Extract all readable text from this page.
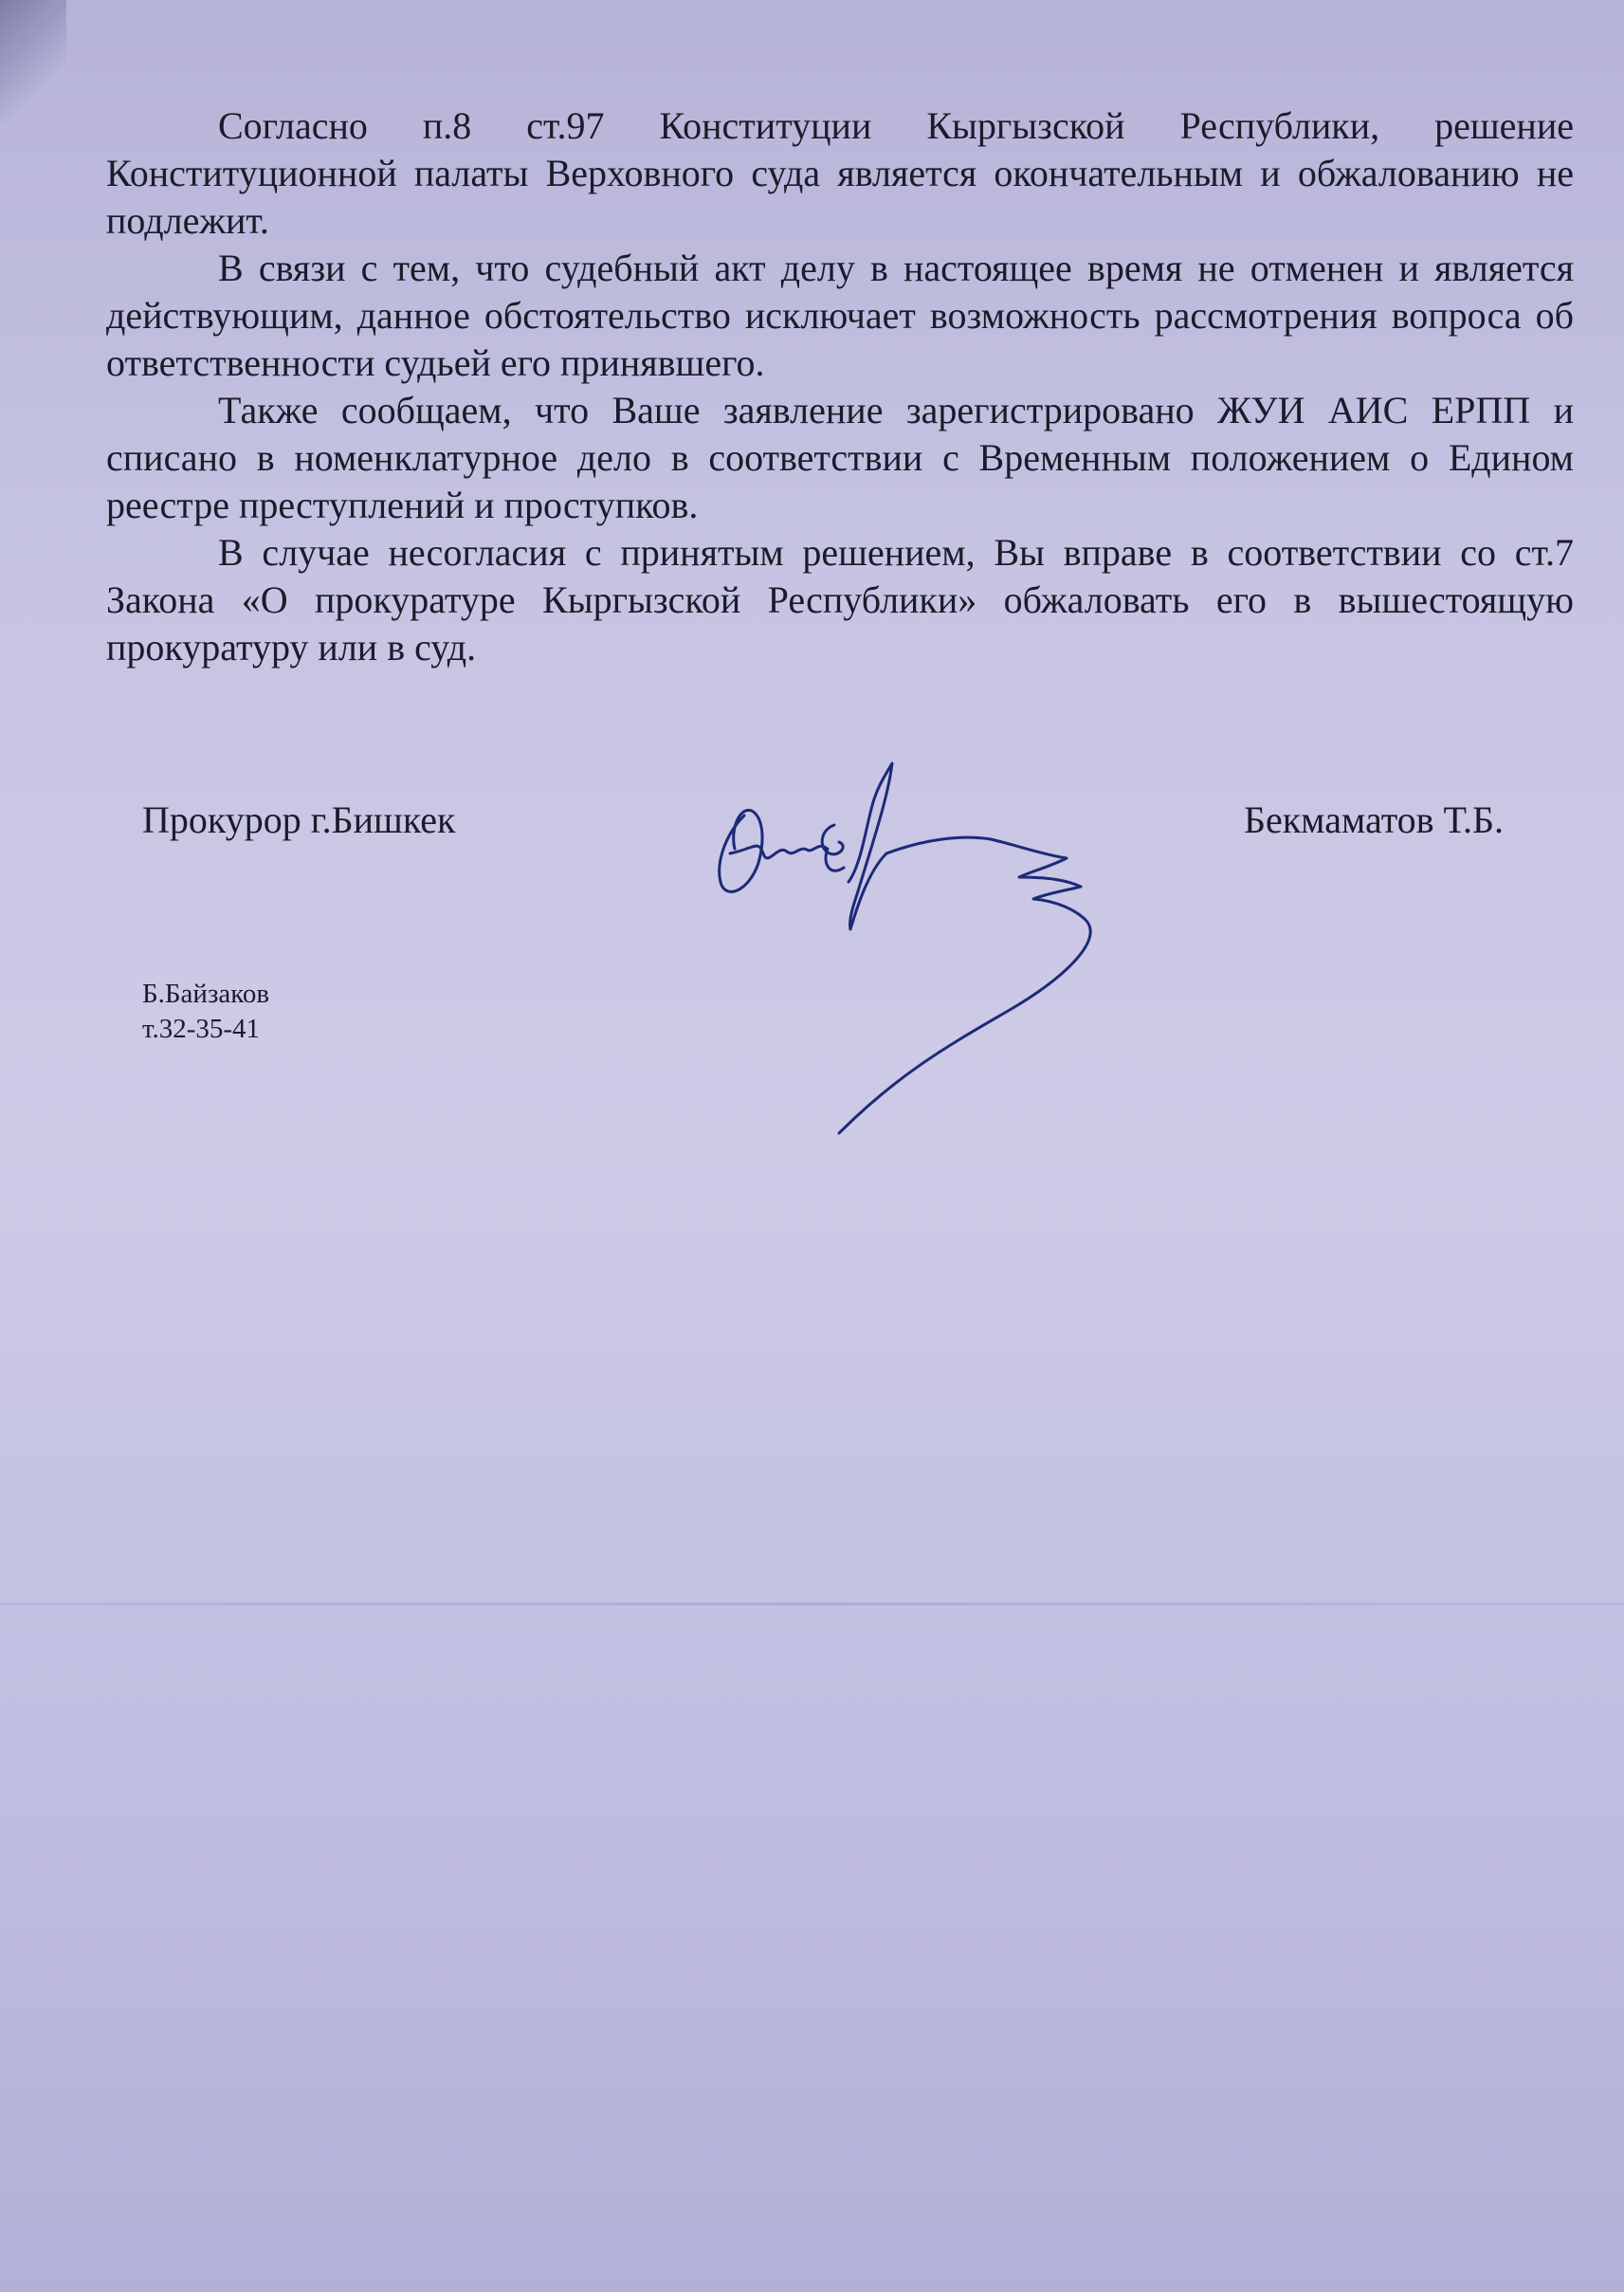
Согласно п.8 ст.97 Конституции Кыргызской Республики, решение Конституционной палаты Верховного суда является окончательным и обжалованию не подлежит.

В связи с тем, что судебный акт делу в настоящее время не отменен и является действующим, данное обстоятельство исключает возможность рассмотрения вопроса об ответственности судьей его принявшего.

Также сообщаем, что Ваше заявление зарегистрировано ЖУИ АИС ЕРПП и списано в номенклатурное дело в соответствии с Временным положением о Едином реестре преступлений и проступков.

В случае несогласия с принятым решением, Вы вправе в соответствии со ст.7 Закона «О прокуратуре Кыргызской Республики» обжаловать его в вышестоящую прокуратуру или в суд.

Прокурор г.Бишкек	Бекмаматов Т.Б.
Б.Байзаков
т.32-35-41
